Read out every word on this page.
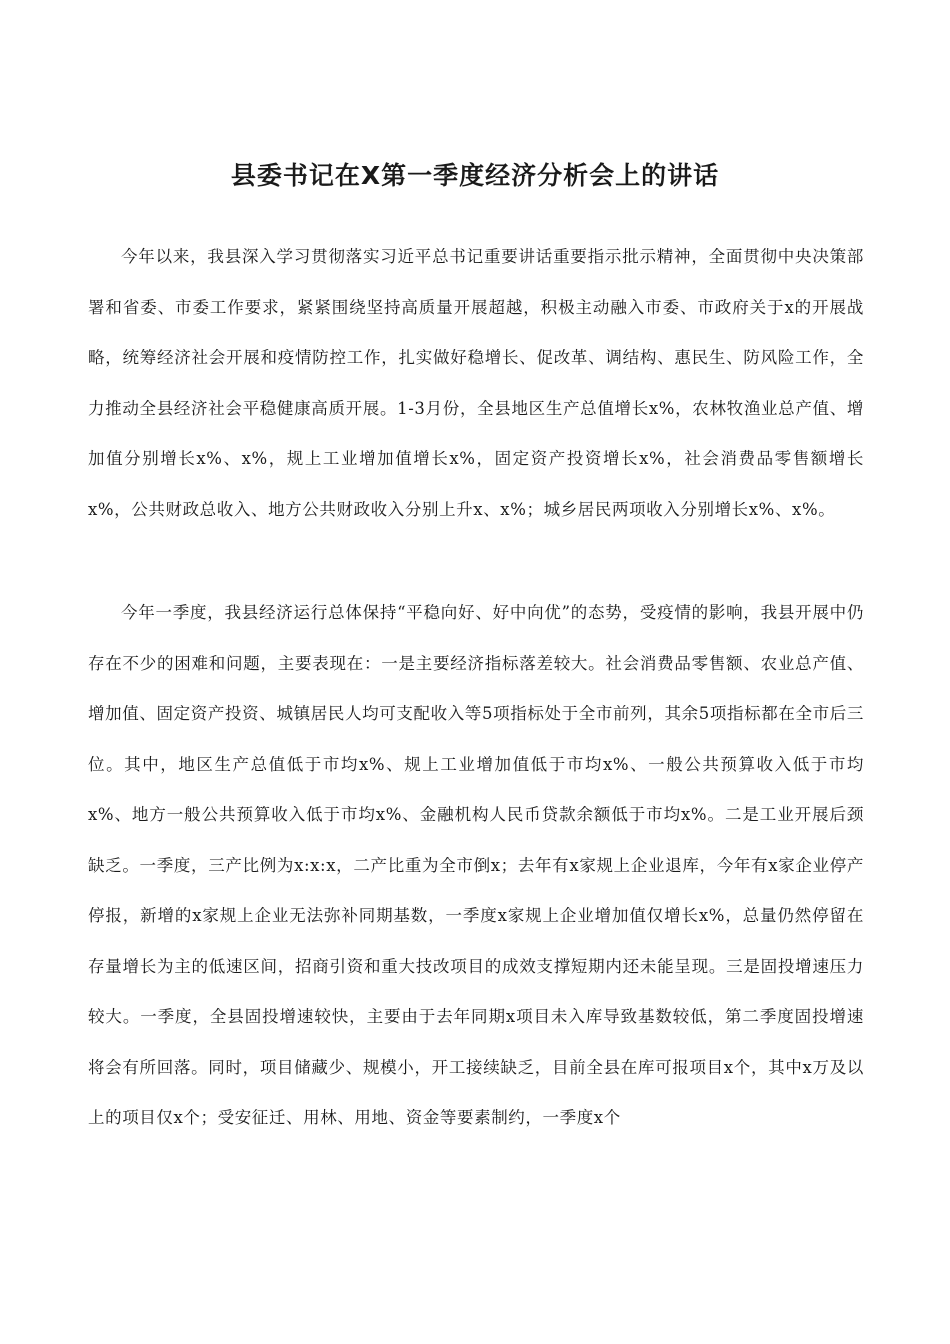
县委书记在X第一季度经济分析会上的讲话

今年以来，我县深入学习贯彻落实习近平总书记重要讲话重要指示批示精神，全面贯彻中央决策部署和省委、市委工作要求，紧紧围绕坚持高质量开展超越，积极主动融入市委、市政府关于x的开展战略，统筹经济社会开展和疫情防控工作，扎实做好稳增长、促改革、调结构、惠民生、防风险工作，全力推动全县经济社会平稳健康高质开展。1-3月份，全县地区生产总值增长x%，农林牧渔业总产值、增加值分别增长x%、x%，规上工业增加值增长x%，固定资产投资增长x%，社会消费品零售额增长x%，公共财政总收入、地方公共财政收入分别上升x、x%；城乡居民两项收入分别增长x%、x%。

今年一季度，我县经济运行总体保持“平稳向好、好中向优”的态势，受疫情的影响，我县开展中仍存在不少的困难和问题，主要表现在：一是主要经济指标落差较大。社会消费品零售额、农业总产值、增加值、固定资产投资、城镇居民人均可支配收入等5项指标处于全市前列，其余5项指标都在全市后三位。其中，地区生产总值低于市均x%、规上工业增加值低于市均x%、一般公共预算收入低于市均x%、地方一般公共预算收入低于市均x%、金融机构人民币贷款余额低于市均x%。二是工业开展后颈缺乏。一季度，三产比例为x:x:x，二产比重为全市倒x；去年有x家规上企业退库，今年有x家企业停产停报，新增的x家规上企业无法弥补同期基数，一季度x家规上企业增加值仅增长x%，总量仍然停留在存量增长为主的低速区间，招商引资和重大技改项目的成效支撑短期内还未能呈现。三是固投增速压力较大。一季度，全县固投增速较快，主要由于去年同期x项目未入库导致基数较低，第二季度固投增速将会有所回落。同时，项目储藏少、规模小，开工接续缺乏，目前全县在库可报项目x个，其中x万及以上的项目仅x个；受安征迁、用林、用地、资金等要素制约，一季度x个
